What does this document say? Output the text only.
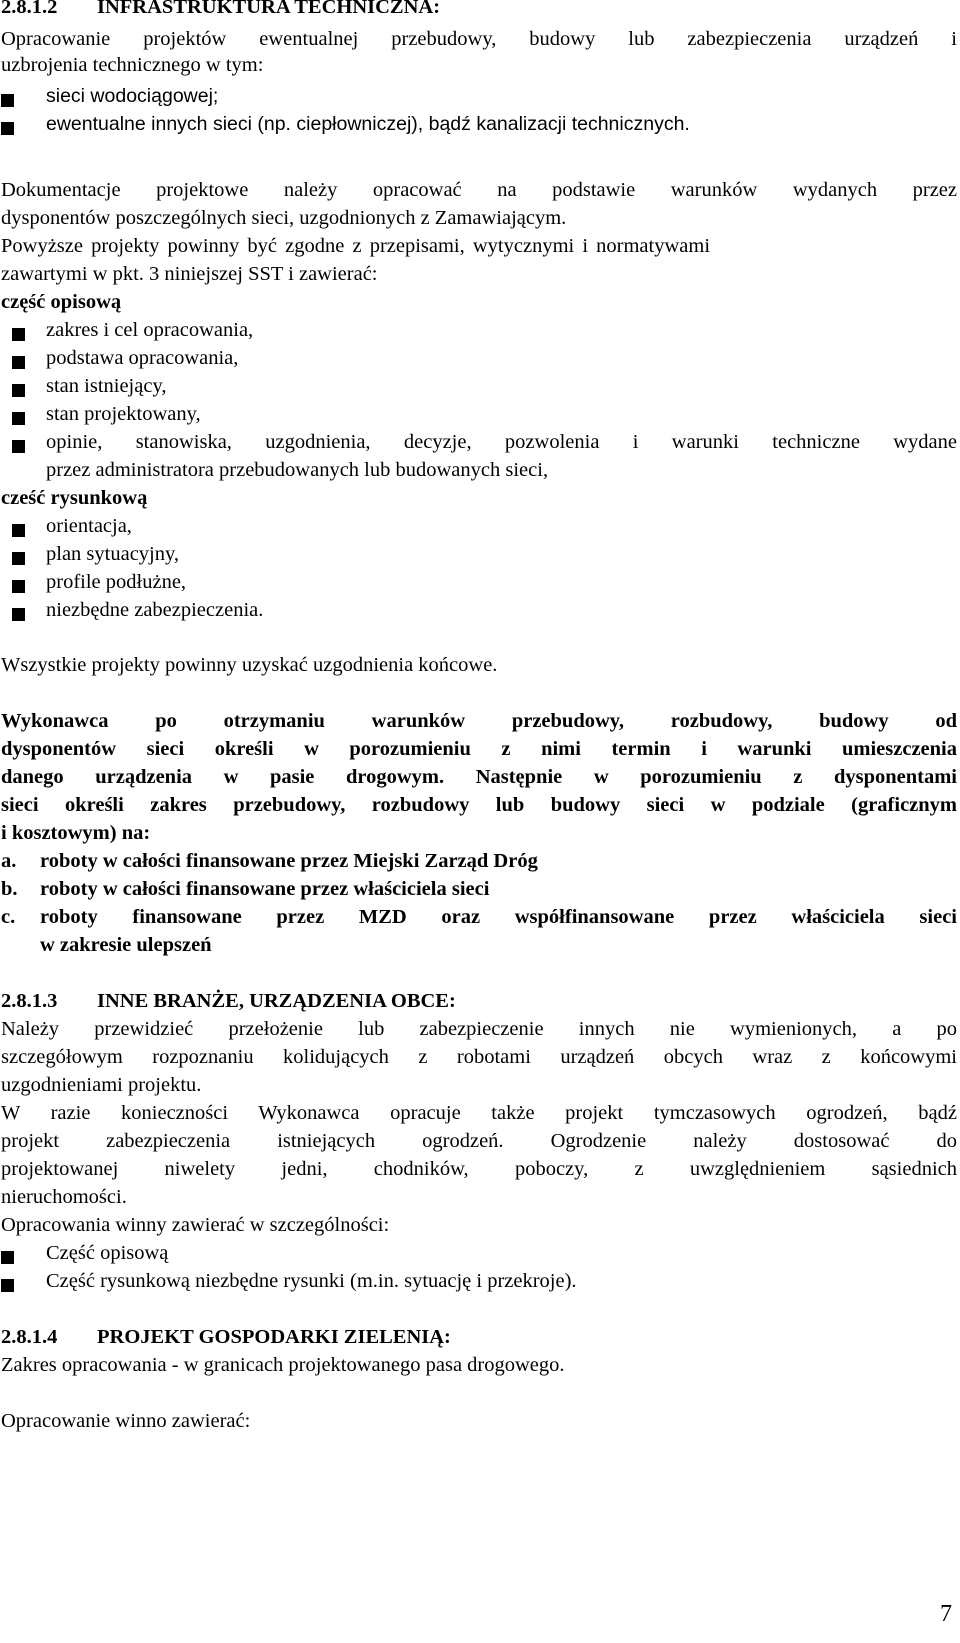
2.8.1.2 INFRASTRUKTURA TECHNICZNA:
Opracowanie projektów ewentualnej przebudowy, budowy lub zabezpieczenia urządzeń i
uzbrojenia technicznego w tym:
sieci wodociągowej;
ewentualne innych sieci (np. ciepłowniczej), bądź kanalizacji technicznych.
Dokumentacje projektowe należy opracować na podstawie warunków wydanych przez
dysponentów poszczególnych sieci, uzgodnionych z Zamawiającym.
Powyższe projekty powinny być zgodne z przepisami, wytycznymi i normatywami
zawartymi w pkt. 3 niniejszej SST i zawierać:
część opisową
zakres i cel opracowania,
podstawa opracowania,
stan istniejący,
stan projektowany,
opinie, stanowiska, uzgodnienia, decyzje, pozwolenia i warunki techniczne wydane
przez administratora przebudowanych lub budowanych sieci,
cześć rysunkową
orientacja,
plan sytuacyjny,
profile podłużne,
niezbędne zabezpieczenia.
Wszystkie projekty powinny uzyskać uzgodnienia końcowe.
Wykonawca po otrzymaniu warunków przebudowy, rozbudowy, budowy od
dysponentów sieci określi w porozumieniu z nimi termin i warunki umieszczenia
danego urządzenia w pasie drogowym. Następnie w porozumieniu z dysponentami
sieci określi zakres przebudowy, rozbudowy lub budowy sieci w podziale (graficznym
i kosztowym) na:
a. roboty w całości finansowane przez Miejski Zarząd Dróg
b. roboty w całości finansowane przez właściciela sieci
c. roboty finansowane przez MZD oraz współfinansowane przez właściciela sieci
w zakresie ulepszeń
2.8.1.3 INNE BRANŻE, URZĄDZENIA OBCE:
Należy przewidzieć przełożenie lub zabezpieczenie innych nie wymienionych, a po
szczegółowym rozpoznaniu kolidujących z robotami urządzeń obcych wraz z końcowymi
uzgodnieniami projektu.
W razie konieczności Wykonawca opracuje także projekt tymczasowych ogrodzeń, bądź
projekt zabezpieczenia istniejących ogrodzeń. Ogrodzenie należy dostosować do
projektowanej niwelety jedni, chodników, poboczy, z uwzględnieniem sąsiednich
nieruchomości.
Opracowania winny zawierać w szczególności:
Część opisową
Część rysunkową niezbędne rysunki (m.in. sytuację i przekroje).
2.8.1.4 PROJEKT GOSPODARKI ZIELENIĄ:
Zakres opracowania - w granicach projektowanego pasa drogowego.
Opracowanie winno zawierać:
7
